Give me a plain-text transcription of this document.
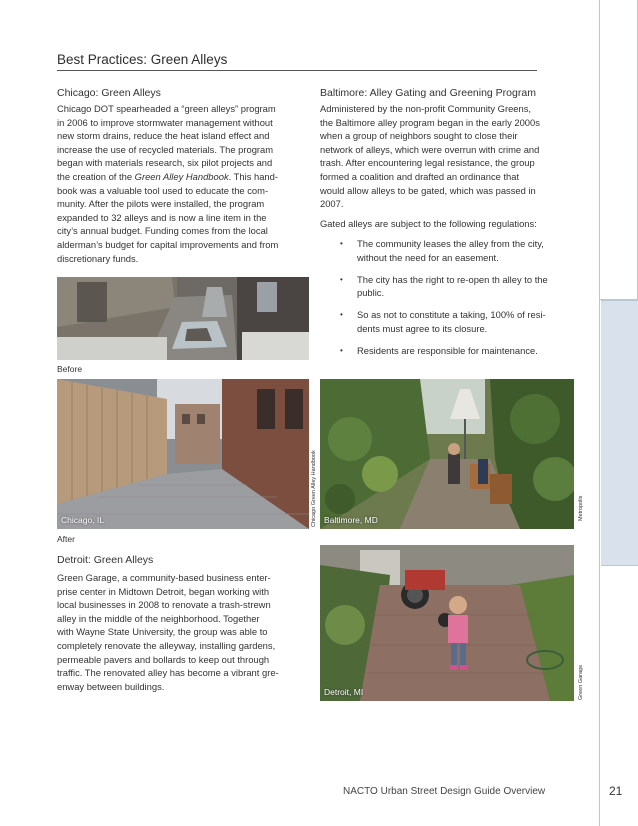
Best Practices: Green Alleys
Chicago: Green Alleys
Chicago DOT spearheaded a “green alleys” program
in 2006 to improve stormwater management without
new storm drains, reduce the heat island effect and
increase the use of recycled materials. The program
began with materials research, six pilot projects and
the creation of the Green Alley Handbook. This hand-
book was a valuable tool used to educate the com-
munity. After the pilots were installed, the program
expanded to 32 alleys and is now a line item in the
city’s annual budget. Funding comes from the local
alderman’s budget for capital improvements and from
discretionary funds.
Baltimore: Alley Gating and Greening Program
Administered by the non-profit Community Greens,
the Baltimore alley program began in the early 2000s
when a group of neighbors sought to close their
network of alleys, which were overrun with crime and
trash. After encountering legal resistance, the group
formed a coalition and drafted an ordinance that
would allow alleys to be gated, which was passed in
2007.
Gated alleys are subject to the following regulations:
• The community leases the alley from the city,
without the need for an easement.
• The city has the right to re-open th alley to the
public.
• So as not to constitute a taking, 100% of resi-
dents must agree to its closure.
• Residents are responsible for maintenance.
Before
Chicago, IL
After
Chicago Green Alley Handbook Baltimore, MD	Metropolis
Detroit: Green Alleys
Green Garage, a community-based business enter-
prise center in Midtown Detroit, began working with
local businesses in 2008 to renovate a trash-strewn
alley in the middle of the neighborhood. Together
with Wayne State University, the group was able to
completely renovate the alleyway, installing gardens,
permeable pavers and bollards to keep out through
traffic. The renovated alley has become a vibrant gre-
enway between buildings.
Detroit, MI	Green Garage
NACTO Urban Street Design Guide Overview	21
